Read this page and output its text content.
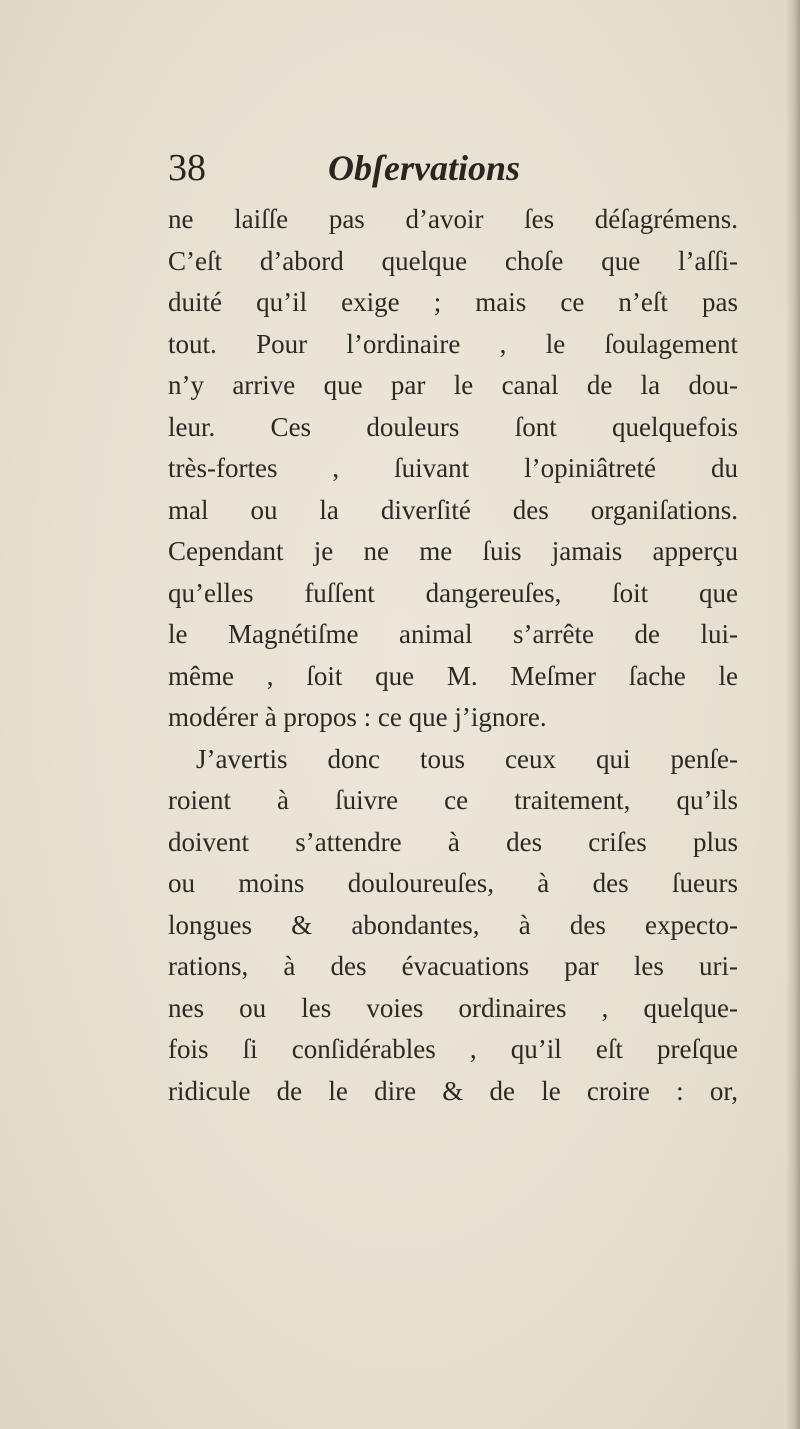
38	Obſervations
ne laiſſe pas d’avoir ſes déſagrémens.
C’eſt d’abord quelque choſe que l’aſſi-
duité qu’il exige ; mais ce n’eſt pas
tout. Pour l’ordinaire , le ſoulagement
n’y arrive que par le canal de la dou-
leur. Ces douleurs ſont quelquefois
très-fortes , ſuivant l’opiniâtreté du
mal ou la diverſité des organiſations.
Cependant je ne me ſuis jamais apperçu
qu’elles fuſſent dangereuſes, ſoit que
le Magnétiſme animal s’arrête de lui-
même , ſoit que M. Meſmer ſache le
modérer à propos : ce que j’ignore.
J’avertis donc tous ceux qui penſe-
roient à ſuivre ce traitement, qu’ils
doivent s’attendre à des criſes plus
ou moins douloureuſes, à des ſueurs
longues & abondantes, à des expecto-
rations, à des évacuations par les uri-
nes ou les voies ordinaires , quelque-
fois ſi conſidérables , qu’il eſt preſque
ridicule de le dire & de le croire : or,
